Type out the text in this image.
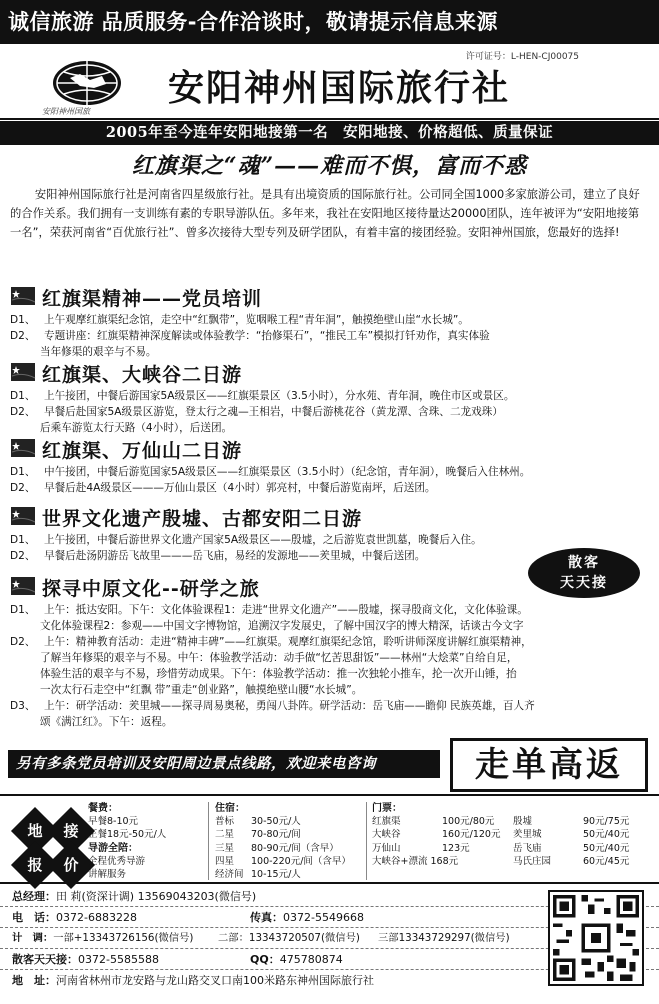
诚信旅游 品质服务-合作洽谈时，敬请提示信息来源
许可证号：L-HEN-CJ00075
安阳神州国旅
安阳神州国际旅行社
2005年至今连年安阳地接第一名　安阳地接、价格超低、质量保证
红旗渠之“魂”——难而不惧，富而不惑
安阳神州国际旅行社是河南省四星级旅行社。是具有出境资质的国际旅行社。公司同全国1000多家旅游公司，建立了良好的合作关系。我们拥有一支训练有素的专职导游队伍。多年来，我社在安阳地区接待量达20000团队，连年被评为“安阳地接第一名”，荣获河南省“百优旅行社”、曾多次接待大型专列及研学团队，有着丰富的接团经验。安阳神州国旅，您最好的选择!
红旗渠精神——党员培训
D1、 上午观摩红旗渠纪念馆，走空中“红飘带”，览咽喉工程“青年洞”，触摸绝壁山崖“水长城”。
D2、 专题讲座：红旗渠精神深度解读或体验教学：“抬修渠石”，“推民工车”模拟打钎劝作，真实体验
当年修渠的艰辛与不易。
红旗渠、大峡谷二日游
D1、 上午接团，中餐后游国家5A级景区——红旗渠景区（3.5小时），分水苑、青年洞，晚住市区或景区。
D2、 早餐后赴国家5A级景区游览，登太行之魂—王相岩，中餐后游桃花谷（黄龙潭、含珠、二龙戏珠）
后乘车游览太行天路（4小时），后送团。
红旗渠、万仙山二日游
D1、 中午接团，中餐后游览国家5A级景区——红旗渠景区（3.5小时）（纪念馆，青年洞），晚餐后入住林州。
D2、 早餐后赴4A级景区———万仙山景区（4小时）郭亮村，中餐后游览南坪，后送团。
世界文化遗产殷墟、古都安阳二日游
D1、 上午接团，中餐后游世界文化遗产国家5A级景区——殷墟，之后游览袁世凯墓，晚餐后入住。
D2、 早餐后赴汤阴游岳飞故里———岳飞庙，易经的发源地——羑里城，中餐后送团。	散客
天天接
探寻中原文化--研学之旅
D1、 上午：抵达安阳。下午：文化体验课程1：走进“世界文化遗产”——殷墟，探寻殷商文化，文化体验课。
文化体验课程2：参观——中国文字博物馆，追溯汉字发展史，了解中国汉字的博大精深，话谈古今文字
D2、 上午：精神教育活动：走进“精神丰碑”——红旗渠。观摩红旗渠纪念馆，聆听讲师深度讲解红旗渠精神，
了解当年修渠的艰辛与不易。中午：体验教学活动：动手做“忆苦思甜饭”——林州“大烩菜”自给自足，
体验生活的艰辛与不易，珍惜劳动成果。下午：体验教学活动：推一次独轮小推车，抡一次开山锤，抬
一次太行石走空中“红飘 带”重走“创业路”，触摸绝壁山腰“水长城”。
D3、 上午：研学活动：羑里城——探寻周易奥秘，勇闯八卦阵。研学活动：岳飞庙——瞻仰 民族英雄，百人齐
颂《满江红》。下午：返程。
另有多条党员培训及安阳周边景点线路，欢迎来电咨询	走单高返
地	接
报	价
餐费：
早餐8-10元
正餐18元-50元/人
导游全陪：
全程优秀导游
讲解服务
住宿：
普标 30-50元/人
二星 70-80元/间
三星 80-90元/间（含早）
四星 100-220元/间（含早）
经济间 10-15元/人
门票：
红旗渠	100元/80元
大峡谷	160元/120元
万仙山	123元
大峡谷+漂流 168元
殷墟	90元/75元
羑里城	50元/40元
岳飞庙	50元/40元
马氏庄园	60元/45元
总经理：田 莉(资深计调) 13569043203(微信号)
电　话：0372-6883228	传真：0372-5549668
计　调：一部+13343726156(微信号) 二部：13343720507(微信号) 三部13343729297(微信号)
散客天天接：0372-5585588	QQ：475780874
地　址：河南省林州市龙安路与龙山路交叉口南100米路东神州国际旅行社
